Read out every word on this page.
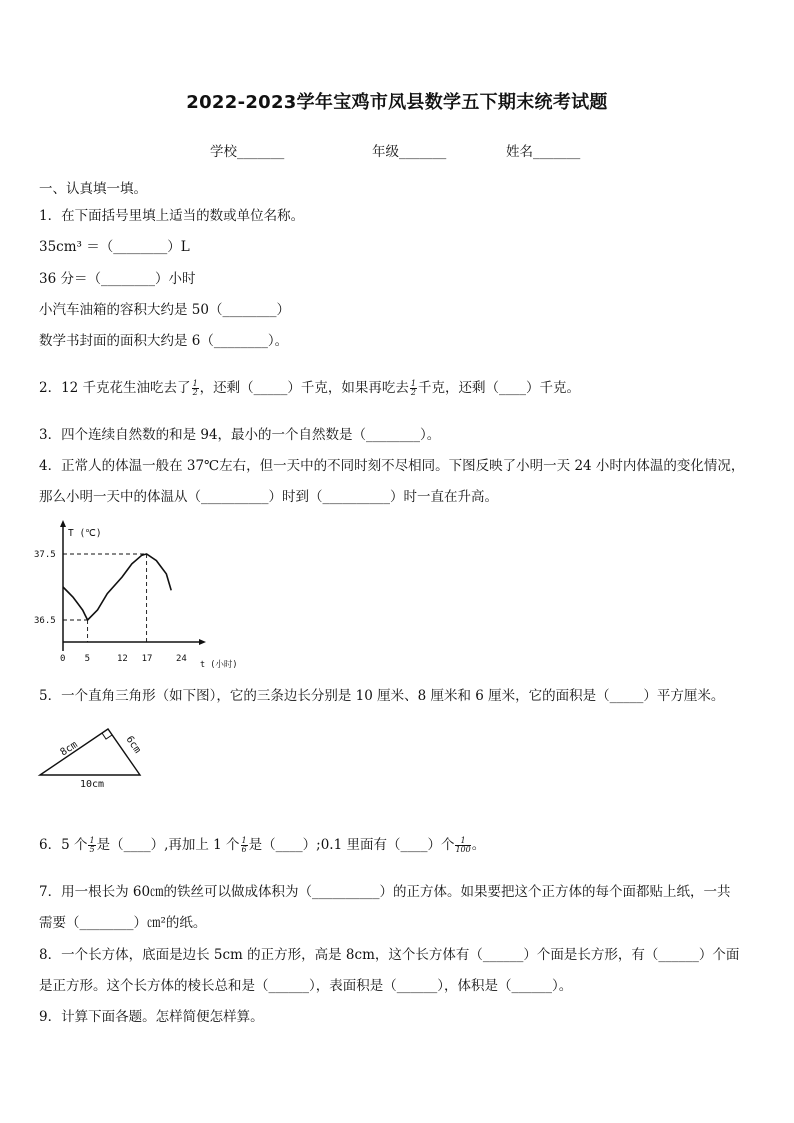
2022-2023学年宝鸡市凤县数学五下期末统考试题
学校_______	年级_______	姓名_______
一、认真填一填。
1．在下面括号里填上适当的数或单位名称。
35cm³ ＝（________）L
36 分＝（________）小时
小汽车油箱的容积大约是 50（________）
数学书封面的面积大约是 6（________）。
2．12 千克花生油吃去了 $\frac{1}{2}$ ，还剩（_____）千克，如果再吃去 $\frac{1}{2}$ 千克，还剩（____）千克。
3．四个连续自然数的和是 94，最小的一个自然数是（________）。
4．正常人的体温一般在 37℃左右，但一天中的不同时刻不尽相同。下图反映了小明一天 24 小时内体温的变化情况，
那么小明一天中的体温从（__________）时到（__________）时一直在升高。
T (℃)
t (小时)
0 5	12 17	24
36.5
37.5
5．一个直角三角形（如下图），它的三条边长分别是 10 厘米、8 厘米和 6 厘米，它的面积是（_____）平方厘米。
8cm	6cm
10cm
6．5 个 $\frac{1}{5}$ 是（____）,再加上 1 个 $\frac{1}{6}$ 是（____）;0.1 里面有（____）个 $\frac{1}{100}$ 。
7．用一根长为 60㎝的铁丝可以做成体积为（__________）的正方体。如果要把这个正方体的每个面都贴上纸，一共
需要（________）㎝²的纸。
8．一个长方体，底面是边长 5cm 的正方形，高是 8cm，这个长方体有（______）个面是长方形，有（______）个面
是正方形。这个长方体的棱长总和是（______），表面积是（______），体积是（______）。
9．计算下面各题。怎样简便怎样算。
